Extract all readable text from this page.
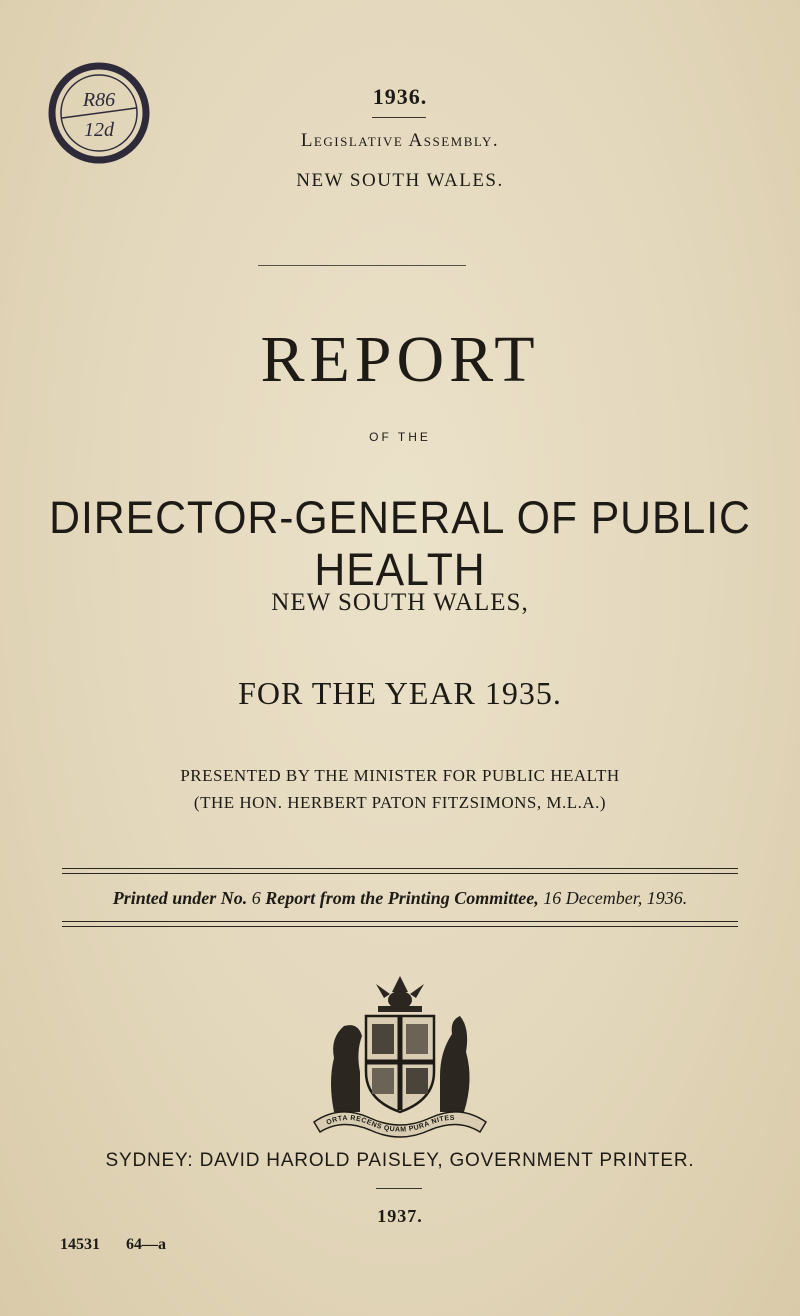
R86
12d
1936.
Legislative Assembly.
NEW SOUTH WALES.
REPORT
OF THE
DIRECTOR-GENERAL OF PUBLIC HEALTH
NEW SOUTH WALES,
FOR THE YEAR 1935.
PRESENTED BY THE MINISTER FOR PUBLIC HEALTH
(THE HON. HERBERT PATON FITZSIMONS, M.L.A.)
Printed under No. 6 Report from the Printing Committee, 16 December, 1936.
ORTA RECENS QUAM PURA NITES
SYDNEY: DAVID HAROLD PAISLEY, GOVERNMENT PRINTER.
1937.
14531 64—a
